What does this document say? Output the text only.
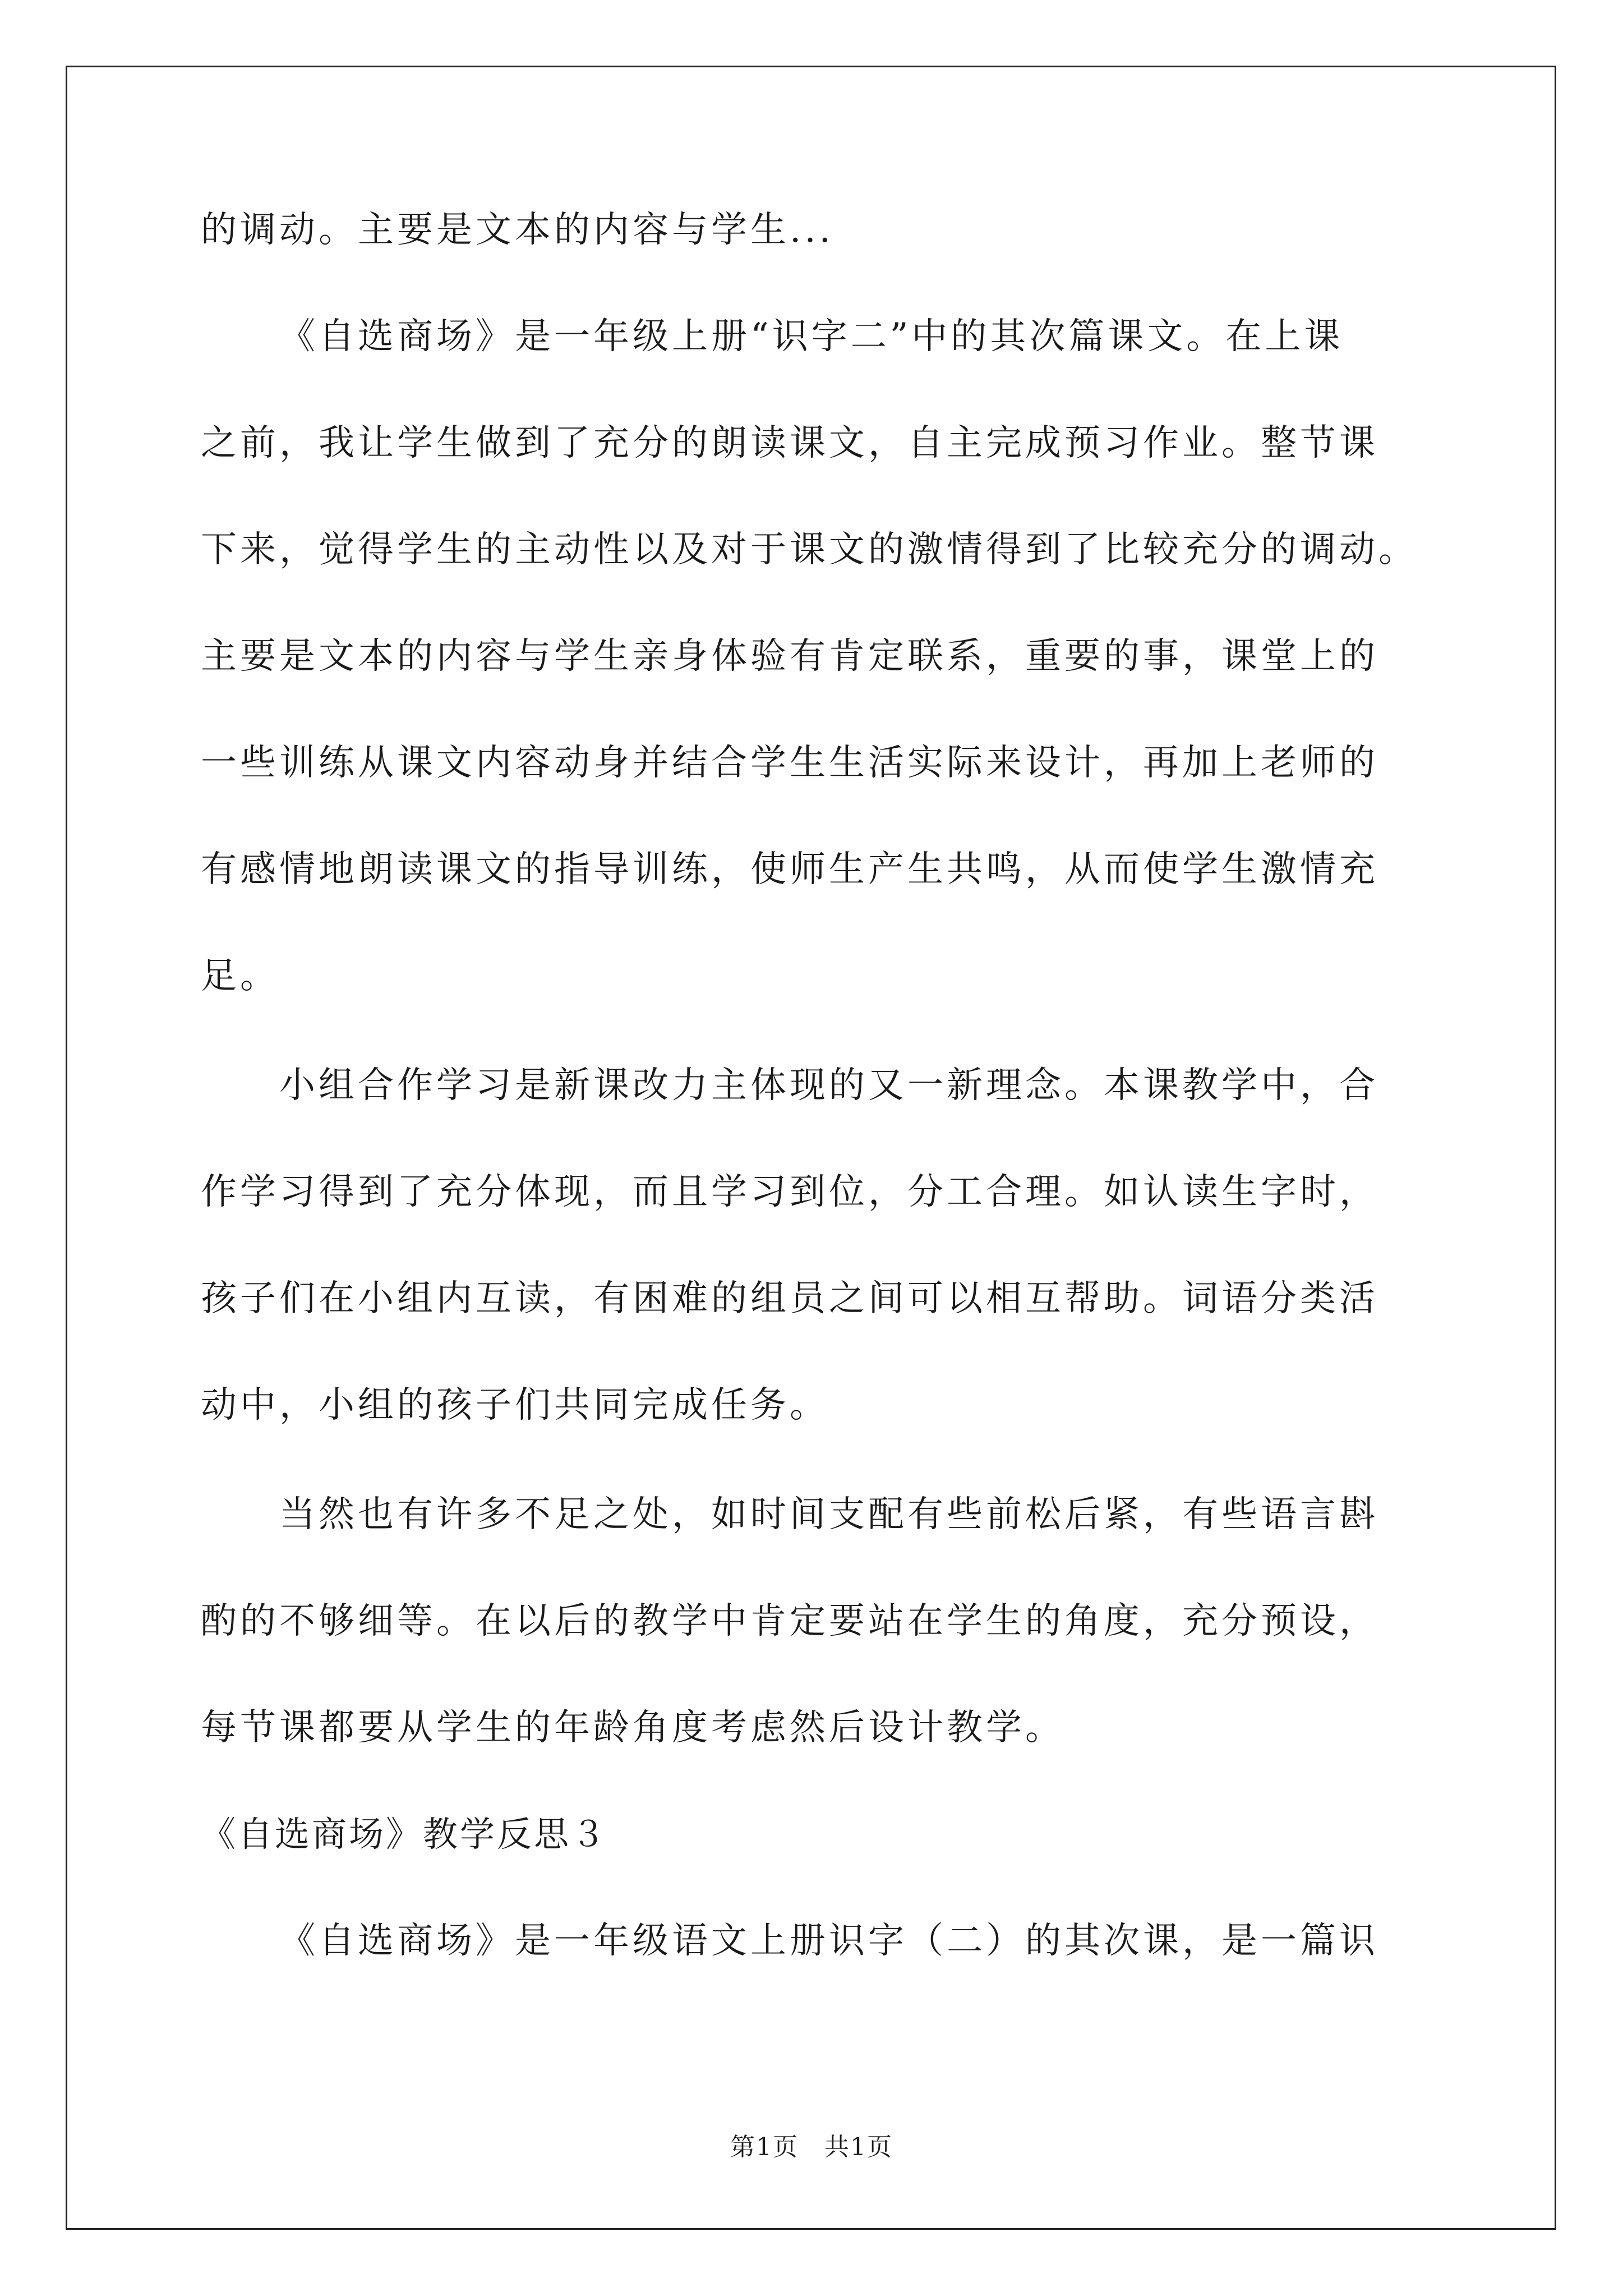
的调动。主要是文本的内容与学生...
《自选商场》是一年级上册“识字二”中的其次篇课文。在上课
之前，我让学生做到了充分的朗读课文，自主完成预习作业。整节课
下来，觉得学生的主动性以及对于课文的激情得到了比较充分的调动。
主要是文本的内容与学生亲身体验有肯定联系，重要的事，课堂上的
一些训练从课文内容动身并结合学生生活实际来设计，再加上老师的
有感情地朗读课文的指导训练，使师生产生共鸣，从而使学生激情充
足。
小组合作学习是新课改力主体现的又一新理念。本课教学中，合
作学习得到了充分体现，而且学习到位，分工合理。如认读生字时，
孩子们在小组内互读，有困难的组员之间可以相互帮助。词语分类活
动中，小组的孩子们共同完成任务。
当然也有许多不足之处，如时间支配有些前松后紧，有些语言斟
酌的不够细等。在以后的教学中肯定要站在学生的角度，充分预设，
每节课都要从学生的年龄角度考虑然后设计教学。
《自选商场》教学反思３
《自选商场》是一年级语文上册识字（二）的其次课，是一篇识
第1页　共1页
